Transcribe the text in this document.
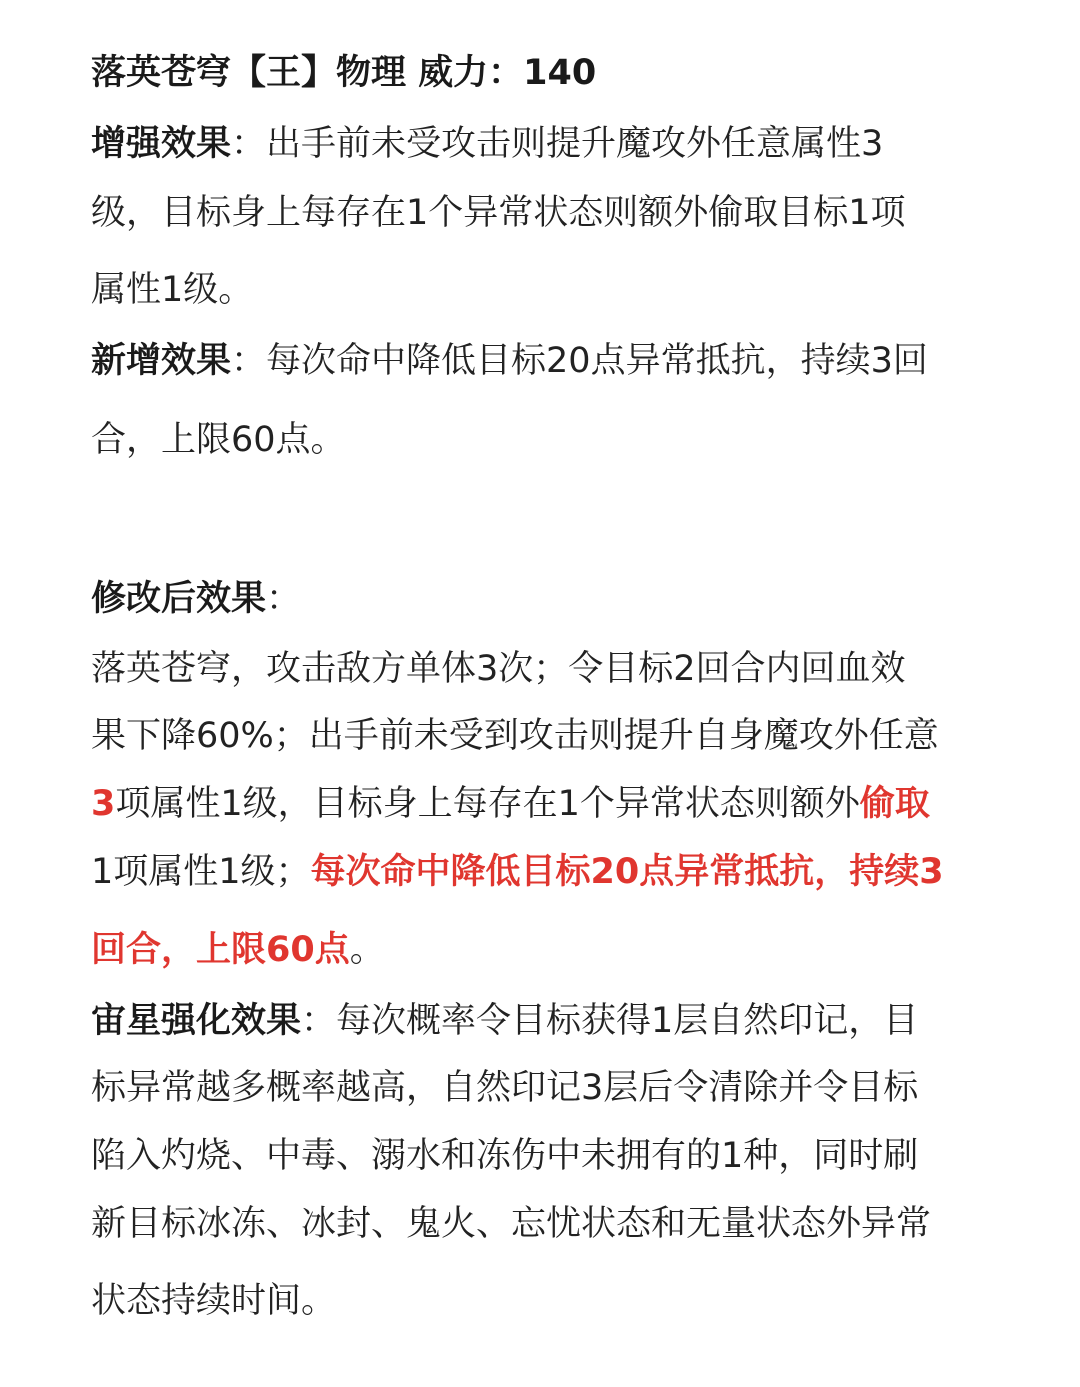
落英苍穹【王】物理 威力：140
增强效果：出手前未受攻击则提升魔攻外任意属性3
级，目标身上每存在1个异常状态则额外偷取目标1项
属性1级。
新增效果：每次命中降低目标20点异常抵抗，持续3回
合，上限60点。
修改后效果：
落英苍穹，攻击敌方单体3次；令目标2回合内回血效
果下降60%；出手前未受到攻击则提升自身魔攻外任意
3项属性1级，目标身上每存在1个异常状态则额外偷取
1项属性1级；每次命中降低目标20点异常抵抗，持续3
回合，上限60点。
宙星强化效果：每次概率令目标获得1层自然印记，目
标异常越多概率越高，自然印记3层后令清除并令目标
陷入灼烧、中毒、溺水和冻伤中未拥有的1种，同时刷
新目标冰冻、冰封、鬼火、忘忧状态和无量状态外异常
状态持续时间。
